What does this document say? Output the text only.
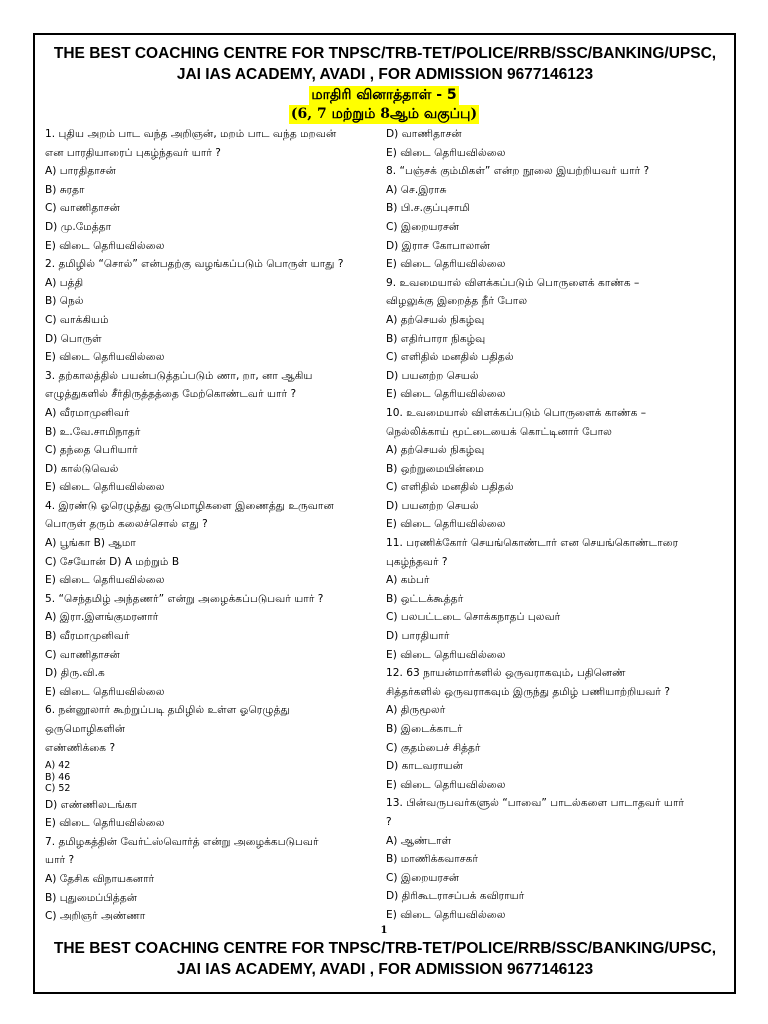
THE BEST COACHING CENTRE FOR TNPSC/TRB-TET/POLICE/RRB/SSC/BANKING/UPSC,
JAI IAS ACADEMY, AVADI , FOR ADMISSION 9677146123
மாதிரி வினாத்தாள் - 5
(6, 7 மற்றும் 8ஆம் வகுப்பு)
1. புதிய அறம் பாட வந்த அறிஞன், மறம் பாட வந்த மறவன்
என பாரதியாரைப் புகழ்ந்தவர் யார் ?
A) பாரதிதாசன்
B) சுரதா
C) வாணிதாசன்
D) மு.மேத்தா
E) விடை தெரியவில்லை
2. தமிழில் “சொல்” என்பதற்கு வழங்கப்படும் பொருள் யாது ?
A) பத்தி
B) நெல்
C) வாக்கியம்
D) பொருள்
E) விடை தெரியவில்லை
3. தற்காலத்தில் பயன்படுத்தப்படும் ணா, றா, னா ஆகிய
எழுத்துகளில் சீர்திருத்தத்தை மேற்கொண்டவர் யார் ?
A) வீரமாமுனிவர்
B) உ.வே.சாமிநாதர்
C) தந்தை பெரியார்
D) கால்டுவெல்
E) விடை தெரியவில்லை
4. இரண்டு ஓரெழுத்து ஒருமொழிகளை இணைத்து உருவான
பொருள் தரும் கலைச்சொல் எது ?
A) பூங்கா B) ஆமா
C) சேயோன் D) A மற்றும் B
E) விடை தெரியவில்லை
5. “செந்தமிழ் அந்தணர்” என்று அழைக்கப்படுபவர் யார் ?
A) இரா.இளங்குமரனார்
B) வீரமாமுனிவர்
C) வாணிதாசன்
D) திரு.வி.க
E) விடை தெரியவில்லை
6. நன்னூலார் கூற்றுப்படி தமிழில் உள்ள ஓரெழுத்து
ஒருமொழிகளின்
எண்ணிக்கை ?
A) 42
B) 46
C) 52
D) எண்ணிலடங்கா
E) விடை தெரியவில்லை
7. தமிழகத்தின் வேர்ட்ஸ்வொர்த் என்று அழைக்கபடுபவர்
யார் ?
A) தேசிக விநாயகனார்
B) புதுமைப்பித்தன்
C) அறிஞர் அண்ணா
D) வாணிதாசன்
E) விடை தெரியவில்லை
8. “பஞ்சக் கும்மிகள்” என்ற நூலை இயற்றியவர் யார் ?
A) செ.இராசு
B) பி.ச.குப்புசாமி
C) இறையரசன்
D) இராச கோபாலான்
E) விடை தெரியவில்லை
9. உவமையால் விளக்கப்படும் பொருளைக் காண்க –
விழலுக்கு இறைத்த நீர் போல
A) தற்செயல் நிகழ்வு
B) எதிர்பாரா நிகழ்வு
C) எளிதில் மனதில் பதிதல்
D) பயனற்ற செயல்
E) விடை தெரியவில்லை
10. உவமையால் விளக்கப்படும் பொருளைக் காண்க –
நெல்லிக்காய் மூட்டையைக் கொட்டினார் போல
A) தற்செயல் நிகழ்வு
B) ஒற்றுமையின்மை
C) எளிதில் மனதில் பதிதல்
D) பயனற்ற செயல்
E) விடை தெரியவில்லை
11. பரணிக்கோர் செயங்கொண்டார் என செயங்கொண்டாரை
புகழ்ந்தவர் ?
A) கம்பர்
B) ஒட்டக்கூத்தர்
C) பலபட்டடை சொக்கநாதப் புலவர்
D) பாரதியார்
E) விடை தெரியவில்லை
12. 63 நாயன்மார்களில் ஒருவராகவும், பதினெண்
சித்தர்களில் ஒருவராகவும் இருந்து தமிழ் பணியாற்றியவர் ?
A) திருமூலர்
B) இடைக்காடர்
C) குதம்பைச் சித்தர்
D) காடவராயன்
E) விடை தெரியவில்லை
13. பின்வருபவர்களுல் “பாவை” பாடல்களை பாடாதவர் யார்
?
A) ஆண்டாள்
B) மாணிக்கவாசகர்
C) இறையரசன்
D) திரிகூடராசப்பக் கவிராயர்
E) விடை தெரியவில்லை
1
THE BEST COACHING CENTRE FOR TNPSC/TRB-TET/POLICE/RRB/SSC/BANKING/UPSC,
JAI IAS ACADEMY, AVADI , FOR ADMISSION 9677146123
